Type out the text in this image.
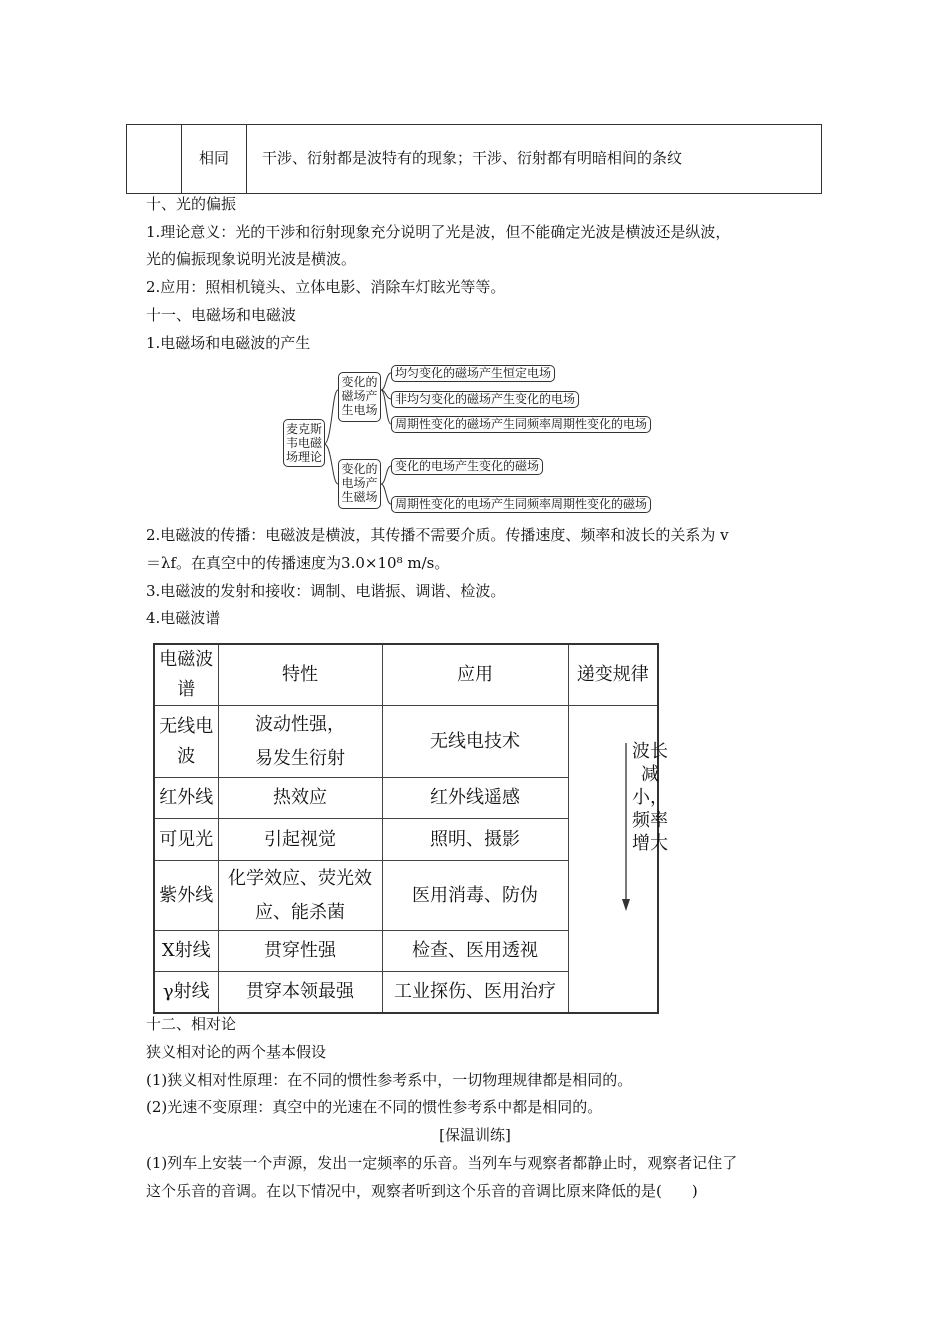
相同 干涉、衍射都是波特有的现象；干涉、衍射都有明暗相间的条纹
十、光的偏振
1.理论意义：光的干涉和衍射现象充分说明了光是波，但不能确定光波是横波还是纵波，
光的偏振现象说明光波是横波。
2.应用：照相机镜头、立体电影、消除车灯眩光等等。
十一、电磁场和电磁波
1.电磁场和电磁波的产生
麦克斯韦电磁场理论
变化的磁场产生电场
变化的电场产生磁场
均匀变化的磁场产生恒定电场
非均匀变化的磁场产生变化的电场
周期性变化的磁场产生同频率周期性变化的电场
变化的电场产生变化的磁场
周期性变化的电场产生同频率周期性变化的磁场
2.电磁波的传播：电磁波是横波，其传播不需要介质。传播速度、频率和波长的关系为 v
＝λf。在真空中的传播速度为3.0×10⁸ m/s。
3.电磁波的发射和接收：调制、电谐振、调谐、检波。
4.电磁波谱
电磁波谱	特性	应用	递变规律
无线电波	波动性强，易发生衍射	无线电技术	
红外线	热效应	红外线遥感	
可见光	引起视觉	照明、摄影	
紫外线	化学效应、荧光效应、能杀菌	医用消毒、防伪	
X射线	贯穿性强	检查、医用透视	
γ射线	贯穿本领最强	工业探伤、医用治疗	
波长减小，频率增大
十二、相对论
狭义相对论的两个基本假设
(1)狭义相对性原理：在不同的惯性参考系中，一切物理规律都是相同的。
(2)光速不变原理：真空中的光速在不同的惯性参考系中都是相同的。
[保温训练]
(1)列车上安装一个声源，发出一定频率的乐音。当列车与观察者都静止时，观察者记住了
这个乐音的音调。在以下情况中，观察者听到这个乐音的音调比原来降低的是(　　)
